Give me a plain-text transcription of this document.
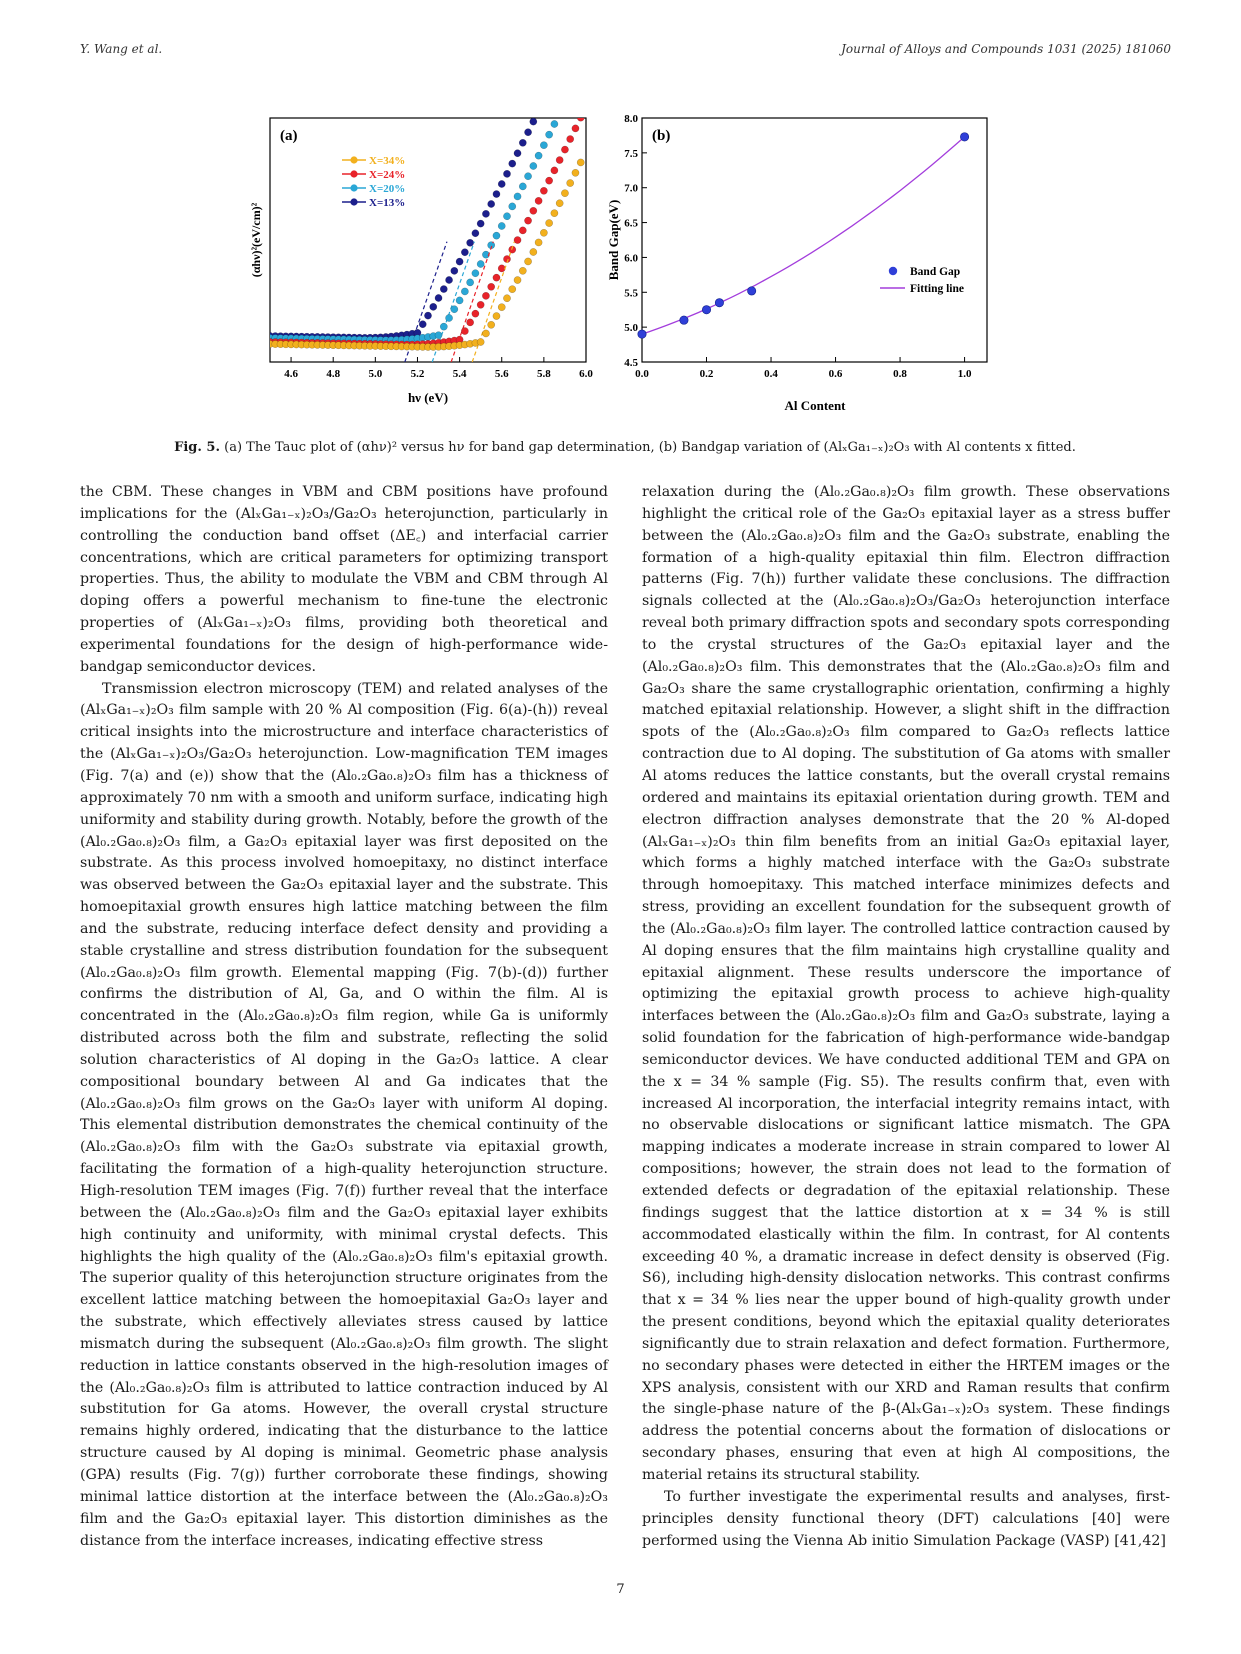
Y. Wang et al.	Journal of Alloys and Compounds 1031 (2025) 181060
(a)
4.6	4.8	5.0	5.2	5.4	5.6	5.8	6.0
X=34%
X=24%
X=20%
X=13%
hν (eV)
(αhν)²(eV/cm)²
(b)
0.0	0.2	0.4	0.6	0.8	1.0
4.5
5.0
5.5
6.0
6.5
7.0
7.5
8.0
Band Gap
Fitting line
Al Content
Band Gap(eV)
Fig. 5. (a) The Tauc plot of (αhν)² versus hν for band gap determination, (b) Bandgap variation of (AlₓGa₁₋ₓ)₂O₃ with Al contents x fitted.

the CBM. These changes in VBM and CBM positions have profound implications for the (AlₓGa₁₋ₓ)₂O₃/Ga₂O₃ heterojunction, particularly in controlling the conduction band offset (ΔE꜀) and interfacial carrier concentrations, which are critical parameters for optimizing transport properties. Thus, the ability to modulate the VBM and CBM through Al doping offers a powerful mechanism to fine-tune the electronic properties of (AlₓGa₁₋ₓ)₂O₃ films, providing both theoretical and experimental foundations for the design of high-performance wide-bandgap semiconductor devices.

Transmission electron microscopy (TEM) and related analyses of the (AlₓGa₁₋ₓ)₂O₃ film sample with 20 % Al composition (Fig. 6(a)-(h)) reveal critical insights into the microstructure and interface characteristics of the (AlₓGa₁₋ₓ)₂O₃/Ga₂O₃ heterojunction. Low-magnification TEM images (Fig. 7(a) and (e)) show that the (Al₀.₂Ga₀.₈)₂O₃ film has a thickness of approximately 70 nm with a smooth and uniform surface, indicating high uniformity and stability during growth. Notably, before the growth of the (Al₀.₂Ga₀.₈)₂O₃ film, a Ga₂O₃ epitaxial layer was first deposited on the substrate. As this process involved homoepitaxy, no distinct interface was observed between the Ga₂O₃ epitaxial layer and the substrate. This homoepitaxial growth ensures high lattice matching between the film and the substrate, reducing interface defect density and providing a stable crystalline and stress distribution foundation for the subsequent (Al₀.₂Ga₀.₈)₂O₃ film growth. Elemental mapping (Fig. 7(b)-(d)) further confirms the distribution of Al, Ga, and O within the film. Al is concentrated in the (Al₀.₂Ga₀.₈)₂O₃ film region, while Ga is uniformly distributed across both the film and substrate, reflecting the solid solution characteristics of Al doping in the Ga₂O₃ lattice. A clear compositional boundary between Al and Ga indicates that the (Al₀.₂Ga₀.₈)₂O₃ film grows on the Ga₂O₃ layer with uniform Al doping. This elemental distribution demonstrates the chemical continuity of the (Al₀.₂Ga₀.₈)₂O₃ film with the Ga₂O₃ substrate via epitaxial growth, facilitating the formation of a high-quality heterojunction structure. High-resolution TEM images (Fig. 7(f)) further reveal that the interface between the (Al₀.₂Ga₀.₈)₂O₃ film and the Ga₂O₃ epitaxial layer exhibits high continuity and uniformity, with minimal crystal defects. This highlights the high quality of the (Al₀.₂Ga₀.₈)₂O₃ film's epitaxial growth. The superior quality of this heterojunction structure originates from the excellent lattice matching between the homoepitaxial Ga₂O₃ layer and the substrate, which effectively alleviates stress caused by lattice mismatch during the subsequent (Al₀.₂Ga₀.₈)₂O₃ film growth. The slight reduction in lattice constants observed in the high-resolution images of the (Al₀.₂Ga₀.₈)₂O₃ film is attributed to lattice contraction induced by Al substitution for Ga atoms. However, the overall crystal structure remains highly ordered, indicating that the disturbance to the lattice structure caused by Al doping is minimal. Geometric phase analysis (GPA) results (Fig. 7(g)) further corroborate these findings, showing minimal lattice distortion at the interface between the (Al₀.₂Ga₀.₈)₂O₃ film and the Ga₂O₃ epitaxial layer. This distortion diminishes as the distance from the interface increases, indicating effective stress

relaxation during the (Al₀.₂Ga₀.₈)₂O₃ film growth. These observations highlight the critical role of the Ga₂O₃ epitaxial layer as a stress buffer between the (Al₀.₂Ga₀.₈)₂O₃ film and the Ga₂O₃ substrate, enabling the formation of a high-quality epitaxial thin film. Electron diffraction patterns (Fig. 7(h)) further validate these conclusions. The diffraction signals collected at the (Al₀.₂Ga₀.₈)₂O₃/Ga₂O₃ heterojunction interface reveal both primary diffraction spots and secondary spots corresponding to the crystal structures of the Ga₂O₃ epitaxial layer and the (Al₀.₂Ga₀.₈)₂O₃ film. This demonstrates that the (Al₀.₂Ga₀.₈)₂O₃ film and Ga₂O₃ share the same crystallographic orientation, confirming a highly matched epitaxial relationship. However, a slight shift in the diffraction spots of the (Al₀.₂Ga₀.₈)₂O₃ film compared to Ga₂O₃ reflects lattice contraction due to Al doping. The substitution of Ga atoms with smaller Al atoms reduces the lattice constants, but the overall crystal remains ordered and maintains its epitaxial orientation during growth. TEM and electron diffraction analyses demonstrate that the 20 % Al-doped (AlₓGa₁₋ₓ)₂O₃ thin film benefits from an initial Ga₂O₃ epitaxial layer, which forms a highly matched interface with the Ga₂O₃ substrate through homoepitaxy. This matched interface minimizes defects and stress, providing an excellent foundation for the subsequent growth of the (Al₀.₂Ga₀.₈)₂O₃ film layer. The controlled lattice contraction caused by Al doping ensures that the film maintains high crystalline quality and epitaxial alignment. These results underscore the importance of optimizing the epitaxial growth process to achieve high-quality interfaces between the (Al₀.₂Ga₀.₈)₂O₃ film and Ga₂O₃ substrate, laying a solid foundation for the fabrication of high-performance wide-bandgap semiconductor devices. We have conducted additional TEM and GPA on the x = 34 % sample (Fig. S5). The results confirm that, even with increased Al incorporation, the interfacial integrity remains intact, with no observable dislocations or significant lattice mismatch. The GPA mapping indicates a moderate increase in strain compared to lower Al compositions; however, the strain does not lead to the formation of extended defects or degradation of the epitaxial relationship. These findings suggest that the lattice distortion at x = 34 % is still accommodated elastically within the film. In contrast, for Al contents exceeding 40 %, a dramatic increase in defect density is observed (Fig. S6), including high-density dislocation networks. This contrast confirms that x = 34 % lies near the upper bound of high-quality growth under the present conditions, beyond which the epitaxial quality deteriorates significantly due to strain relaxation and defect formation. Furthermore, no secondary phases were detected in either the HRTEM images or the XPS analysis, consistent with our XRD and Raman results that confirm the single-phase nature of the β-(AlₓGa₁₋ₓ)₂O₃ system. These findings address the potential concerns about the formation of dislocations or secondary phases, ensuring that even at high Al compositions, the material retains its structural stability.

To further investigate the experimental results and analyses, first-principles density functional theory (DFT) calculations [40] were performed using the Vienna Ab initio Simulation Package (VASP) [41,42]

7
